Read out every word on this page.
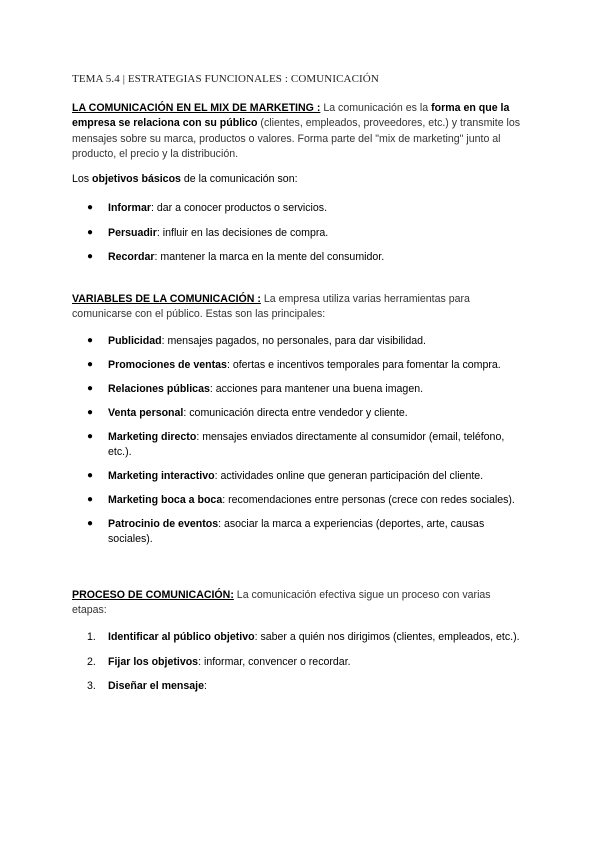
TEMA 5.4 | ESTRATEGIAS FUNCIONALES : COMUNICACIÓN
LA COMUNICACIÓN EN EL MIX DE MARKETING : La comunicación es la forma en que la empresa se relaciona con su público (clientes, empleados, proveedores, etc.) y transmite los mensajes sobre su marca, productos o valores. Forma parte del "mix de marketing" junto al producto, el precio y la distribución.
Los objetivos básicos de la comunicación son:
● Informar: dar a conocer productos o servicios.
● Persuadir: influir en las decisiones de compra.
● Recordar: mantener la marca en la mente del consumidor.
VARIABLES DE LA COMUNICACIÓN : La empresa utiliza varias herramientas para comunicarse con el público. Estas son las principales:
● Publicidad: mensajes pagados, no personales, para dar visibilidad.
● Promociones de ventas: ofertas e incentivos temporales para fomentar la compra.
● Relaciones públicas: acciones para mantener una buena imagen.
● Venta personal: comunicación directa entre vendedor y cliente.
● Marketing directo: mensajes enviados directamente al consumidor (email, teléfono, etc.).
● Marketing interactivo: actividades online que generan participación del cliente.
● Marketing boca a boca: recomendaciones entre personas (crece con redes sociales).
● Patrocinio de eventos: asociar la marca a experiencias (deportes, arte, causas sociales).
PROCESO DE COMUNICACIÓN: La comunicación efectiva sigue un proceso con varias etapas:
1. Identificar al público objetivo: saber a quién nos dirigimos (clientes, empleados, etc.).
2. Fijar los objetivos: informar, convencer o recordar.
3. Diseñar el mensaje:
